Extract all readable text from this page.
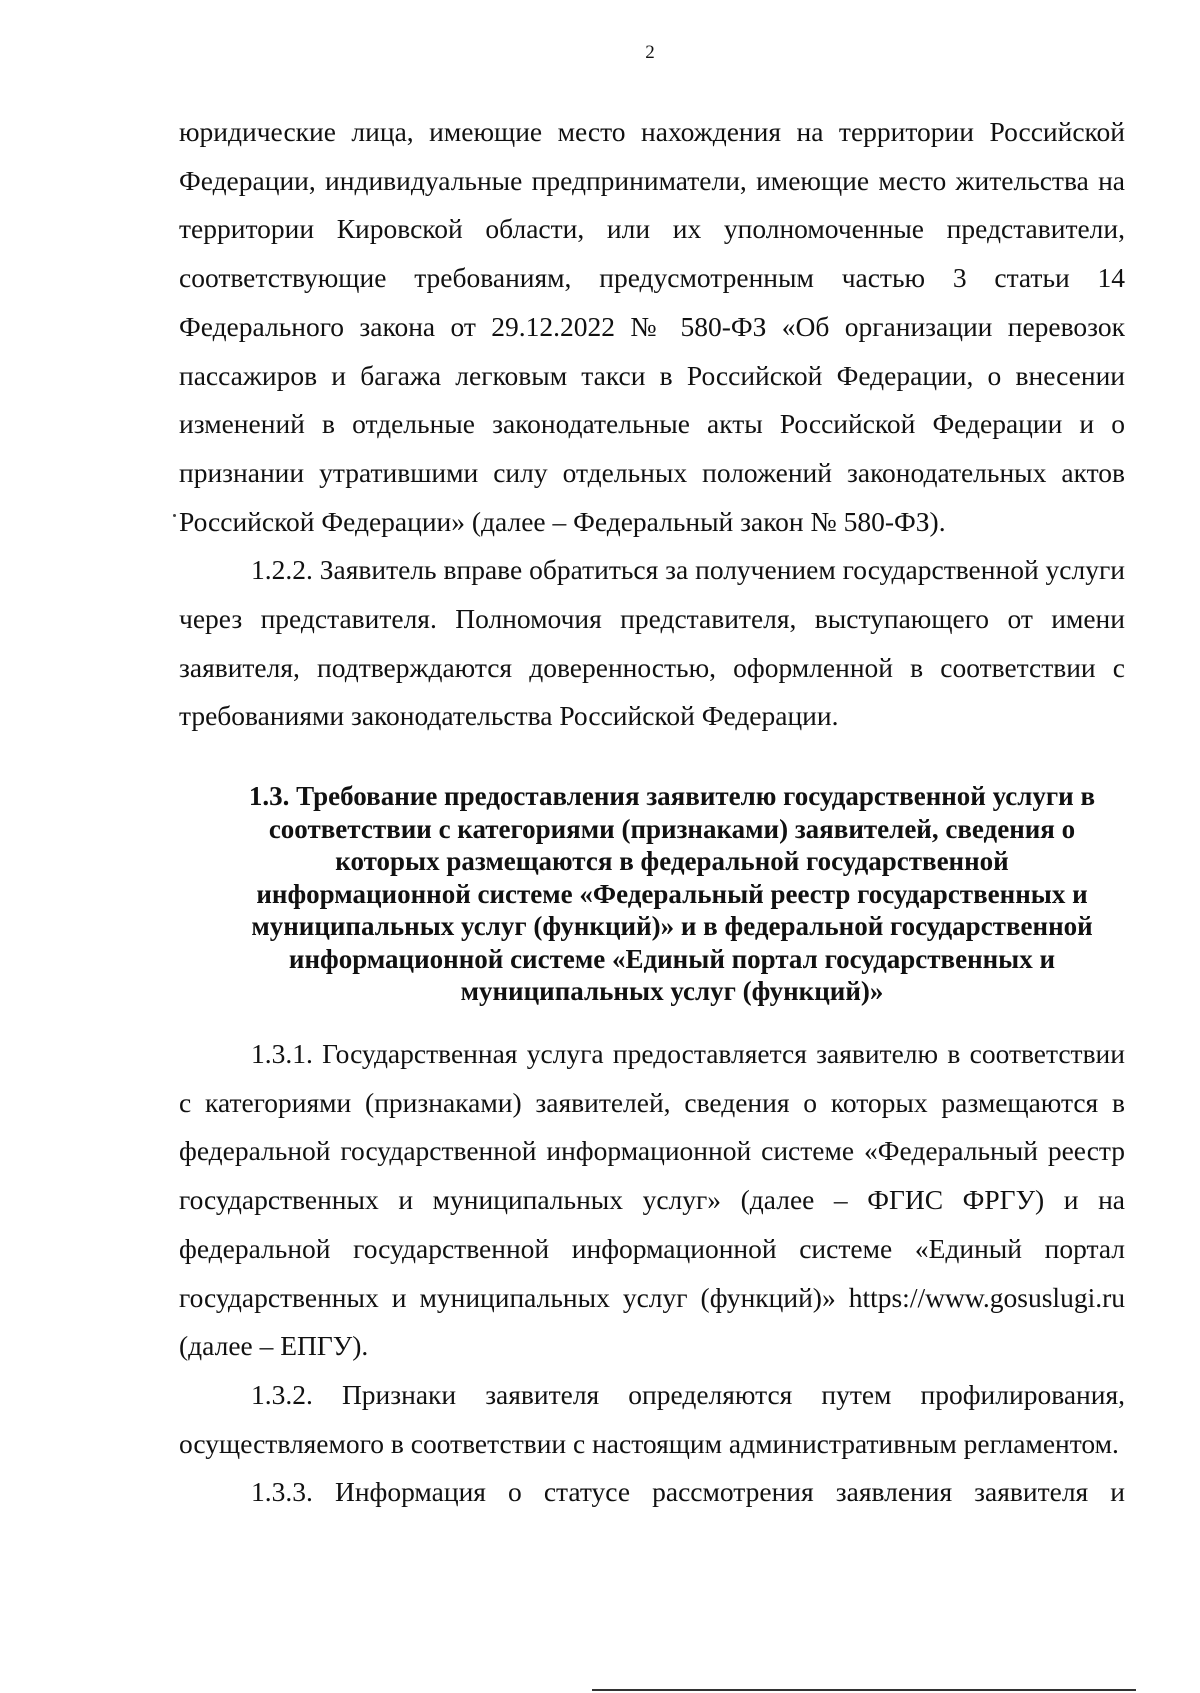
2

юридические лица, имеющие место нахождения на территории Российской Федерации, индивидуальные предприниматели, имеющие место жительства на территории Кировской области, или их уполномоченные представители, соответствующие требованиям, предусмотренным частью 3 статьи 14 Федерального закона от 29.12.2022 № 580-ФЗ «Об организации перевозок пассажиров и багажа легковым такси в Российской Федерации, о внесении изменений в отдельные законодательные акты Российской Федерации и о признании утратившими силу отдельных положений законодательных актов Российской Федерации» (далее – Федеральный закон № 580-ФЗ).

1.2.2. Заявитель вправе обратиться за получением государственной услуги через представителя. Полномочия представителя, выступающего от имени заявителя, подтверждаются доверенностью, оформленной в соответствии с требованиями законодательства Российской Федерации.

1.3. Требование предоставления заявителю государственной услуги в соответствии с категориями (признаками) заявителей, сведения о которых размещаются в федеральной государственной информационной системе «Федеральный реестр государственных и муниципальных услуг (функций)» и в федеральной государственной информационной системе «Единый портал государственных и муниципальных услуг (функций)»

1.3.1. Государственная услуга предоставляется заявителю в соответствии с категориями (признаками) заявителей, сведения о которых размещаются в федеральной государственной информационной системе «Федеральный реестр государственных и муниципальных услуг» (далее – ФГИС ФРГУ) и на федеральной государственной информационной системе «Единый портал государственных и муниципальных услуг (функций)» https://www.gosuslugi.ru (далее – ЕПГУ).

1.3.2. Признаки заявителя определяются путем профилирования, осуществляемого в соответствии с настоящим административным регламентом.

1.3.3. Информация о статусе рассмотрения заявления заявителя и
